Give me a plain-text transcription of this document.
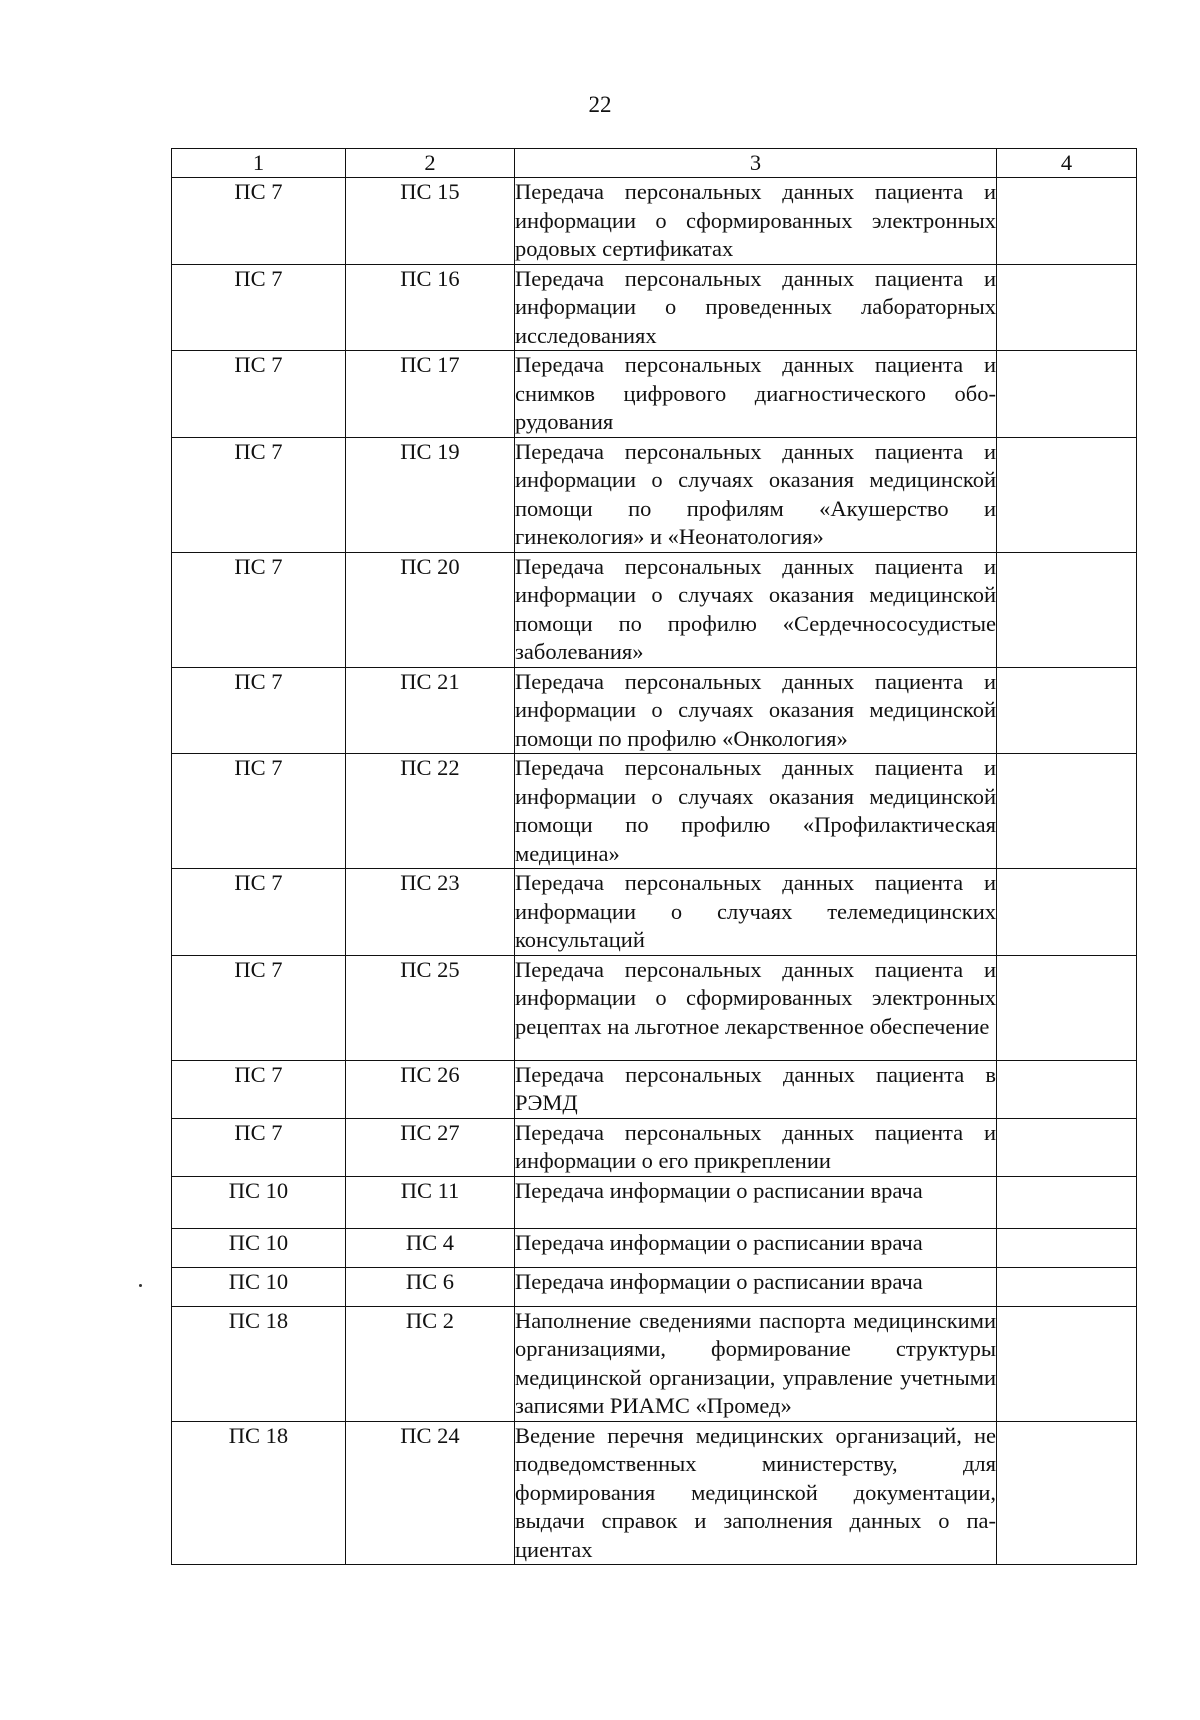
22
1	2	3	4
ПС 7	ПС 15	Передача персональных данных пациента и информации о сформированных электронных родовых сертификатах	
ПС 7	ПС 16	Передача персональных данных пациента и информации о проведенных лабораторных исследованиях	
ПС 7	ПС 17	Передача персональных данных пациента и снимков цифрового диагностического оборудования	
ПС 7	ПС 19	Передача персональных данных пациента и информации о случаях оказания медицинской помощи по профилям «Акушерство и гинекология» и «Неонатология»	
ПС 7	ПС 20	Передача персональных данных пациента и информации о случаях оказания медицинской помощи по профилю «Сердечнососудистые заболевания»	
ПС 7	ПС 21	Передача персональных данных пациента и информации о случаях оказания медицинской помощи по профилю «Онкология»	
ПС 7	ПС 22	Передача персональных данных пациента и информации о случаях оказания медицинской помощи по профилю «Профилактическая медицина»	
ПС 7	ПС 23	Передача персональных данных пациента и информации о случаях телемедицинских консультаций	
ПС 7	ПС 25	Передача персональных данных пациента и информации о сформированных электронных рецептах на льготное лекарственное обеспечение	
ПС 7	ПС 26	Передача персональных данных пациента в РЭМД	
ПС 7	ПС 27	Передача персональных данных пациента и информации о его прикреплении	
ПС 10	ПС 11	Передача информации о расписании врача	
ПС 10	ПС 4	Передача информации о расписании врача	
ПС 10	ПС 6	Передача информации о расписании врача	
ПС 18	ПС 2	Наполнение сведениями паспорта медицинскими организациями, формирование структуры медицинской организации, управление учетными записями РИАМС «Промед»	
ПС 18	ПС 24	Ведение перечня медицинских организаций, не подведомственных министерству, для формирования медицинской документации, выдачи справок и заполнения данных о пациентах	
